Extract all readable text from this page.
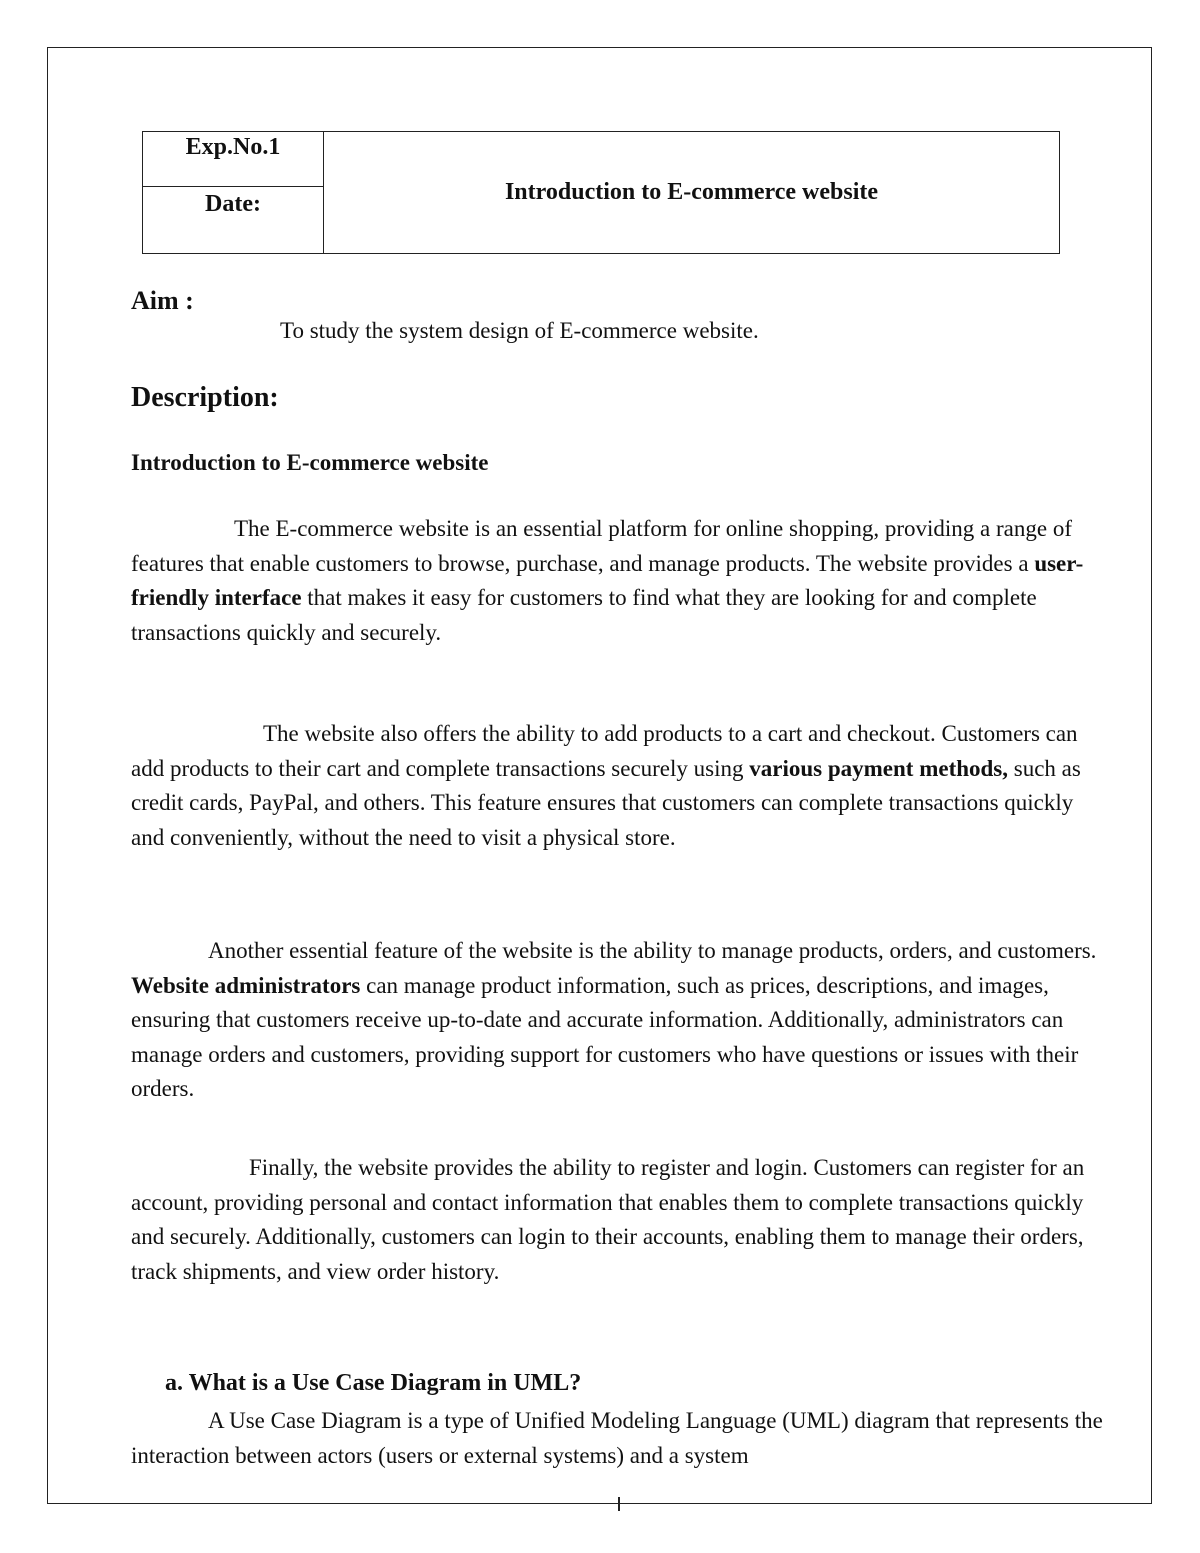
Exp.No.1	Introduction to E-commerce website
Date:
Aim :
To study the system design of E-commerce website.
Description:
Introduction to E-commerce website

The E-commerce website is an essential platform for online shopping, providing a range of features that enable customers to browse, purchase, and manage products. The website provides a user-friendly interface that makes it easy for customers to find what they are looking for and complete transactions quickly and securely.

The website also offers the ability to add products to a cart and checkout. Customers can add products to their cart and complete transactions securely using various payment methods, such as credit cards, PayPal, and others. This feature ensures that customers can complete transactions quickly and conveniently, without the need to visit a physical store.

Another essential feature of the website is the ability to manage products, orders, and customers. Website administrators can manage product information, such as prices, descriptions, and images, ensuring that customers receive up-to-date and accurate information. Additionally, administrators can manage orders and customers, providing support for customers who have questions or issues with their orders.

Finally, the website provides the ability to register and login. Customers can register for an account, providing personal and contact information that enables them to complete transactions quickly and securely. Additionally, customers can login to their accounts, enabling them to manage their orders, track shipments, and view order history.

a. What is a Use Case Diagram in UML?

A Use Case Diagram is a type of Unified Modeling Language (UML) diagram that represents the interaction between actors (users or external systems) and a system
